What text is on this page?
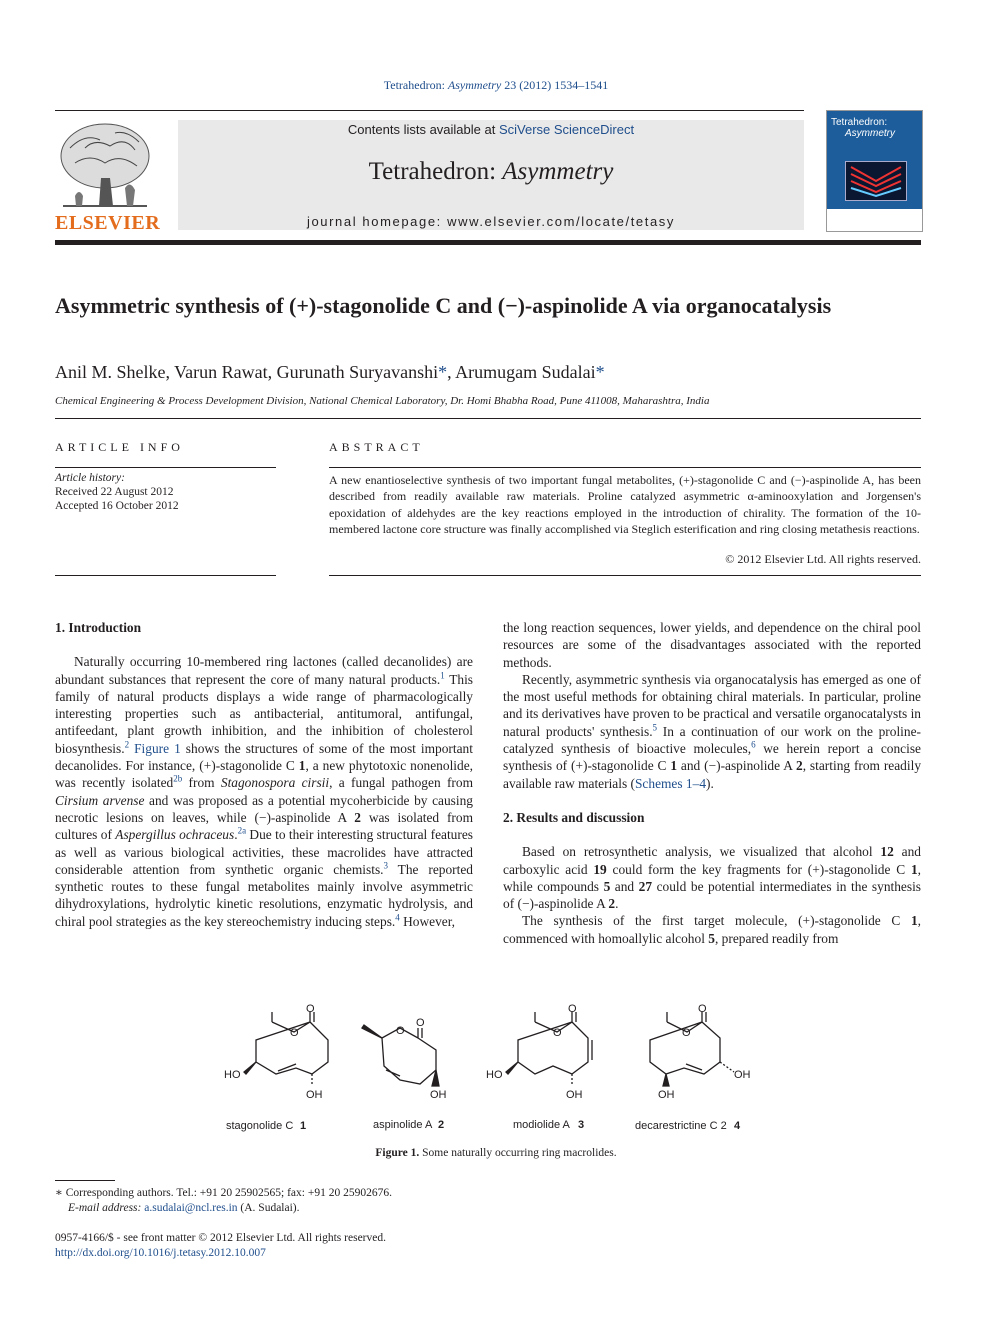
Tetrahedron: Asymmetry 23 (2012) 1534–1541
ELSEVIER
Contents lists available at SciVerse ScienceDirect
Tetrahedron: Asymmetry
journal homepage: www.elsevier.com/locate/tetasy
Tetrahedron:
Asymmetry
Asymmetric synthesis of (+)-stagonolide C and (−)-aspinolide A via organocatalysis
Anil M. Shelke, Varun Rawat, Gurunath Suryavanshi*, Arumugam Sudalai*
Chemical Engineering & Process Development Division, National Chemical Laboratory, Dr. Homi Bhabha Road, Pune 411008, Maharashtra, India
ARTICLE INFO	ABSTRACT
Article history:
Received 22 August 2012
Accepted 16 October 2012
A new enantioselective synthesis of two important fungal metabolites, (+)-stagonolide C and (−)-aspinolide A, has been described from readily available raw materials. Proline catalyzed asymmetric α-aminooxylation and Jorgensen's epoxidation of aldehydes are the key reactions employed in the introduction of chirality. The formation of the 10-membered lactone core structure was finally accomplished via Steglich esterification and ring closing metathesis reactions.
© 2012 Elsevier Ltd. All rights reserved.
1. Introduction

Naturally occurring 10-membered ring lactones (called decanolides) are abundant substances that represent the core of many natural products.$^1$ This family of natural products displays a wide range of pharmacologically interesting properties such as antibacterial, antitumoral, antifungal, antifeedant, plant growth inhibition, and the inhibition of cholesterol biosynthesis.$^2$ Figure 1 shows the structures of some of the most important decanolides. For instance, (+)-stagonolide C 1, a new phytotoxic nonenolide, was recently isolated$^{2b}$ from Stagonospora cirsii, a fungal pathogen from Cirsium arvense and was proposed as a potential mycoherbicide by causing necrotic lesions on leaves, while (−)-aspinolide A 2 was isolated from cultures of Aspergillus ochraceus.$^{2a}$ Due to their interesting structural features as well as various biological activities, these macrolides have attracted considerable attention from synthetic organic chemists.$^3$ The reported synthetic routes to these fungal metabolites mainly involve asymmetric dihydroxylations, hydrolytic kinetic resolutions, enzymatic hydrolysis, and chiral pool strategies as the key stereochemistry inducing steps.$^4$ However,

the long reaction sequences, lower yields, and dependence on the chiral pool resources are some of the disadvantages associated with the reported methods.

Recently, asymmetric synthesis via organocatalysis has emerged as one of the most useful methods for obtaining chiral materials. In particular, proline and its derivatives have proven to be practical and versatile organocatalysts in natural products' synthesis.$^5$ In a continuation of our work on the proline-catalyzed synthesis of bioactive molecules,$^6$ we herein report a concise synthesis of (+)-stagonolide C 1 and (−)-aspinolide A 2, starting from readily available raw materials (Schemes 1–4).

2. Results and discussion

Based on retrosynthetic analysis, we visualized that alcohol 12 and carboxylic acid 19 could form the key fragments for (+)-stagonolide C 1, while compounds 5 and 27 could be potential intermediates in the synthesis of (−)-aspinolide A 2.

The synthesis of the first target molecule, (+)-stagonolide C 1, commenced with homoallylic alcohol 5, prepared readily from

O
O
HO
OH
O
O
OH
O
O
HO
OH
O
O
OH
OH
stagonolide C 1	aspinolide A 2	modiolide A 3	decarestrictine C 2 4
Figure 1. Some naturally occurring ring macrolides.
∗ Corresponding authors. Tel.: +91 20 25902565; fax: +91 20 25902676.
E-mail address: a.sudalai@ncl.res.in (A. Sudalai).
0957-4166/$ - see front matter © 2012 Elsevier Ltd. All rights reserved.
http://dx.doi.org/10.1016/j.tetasy.2012.10.007
